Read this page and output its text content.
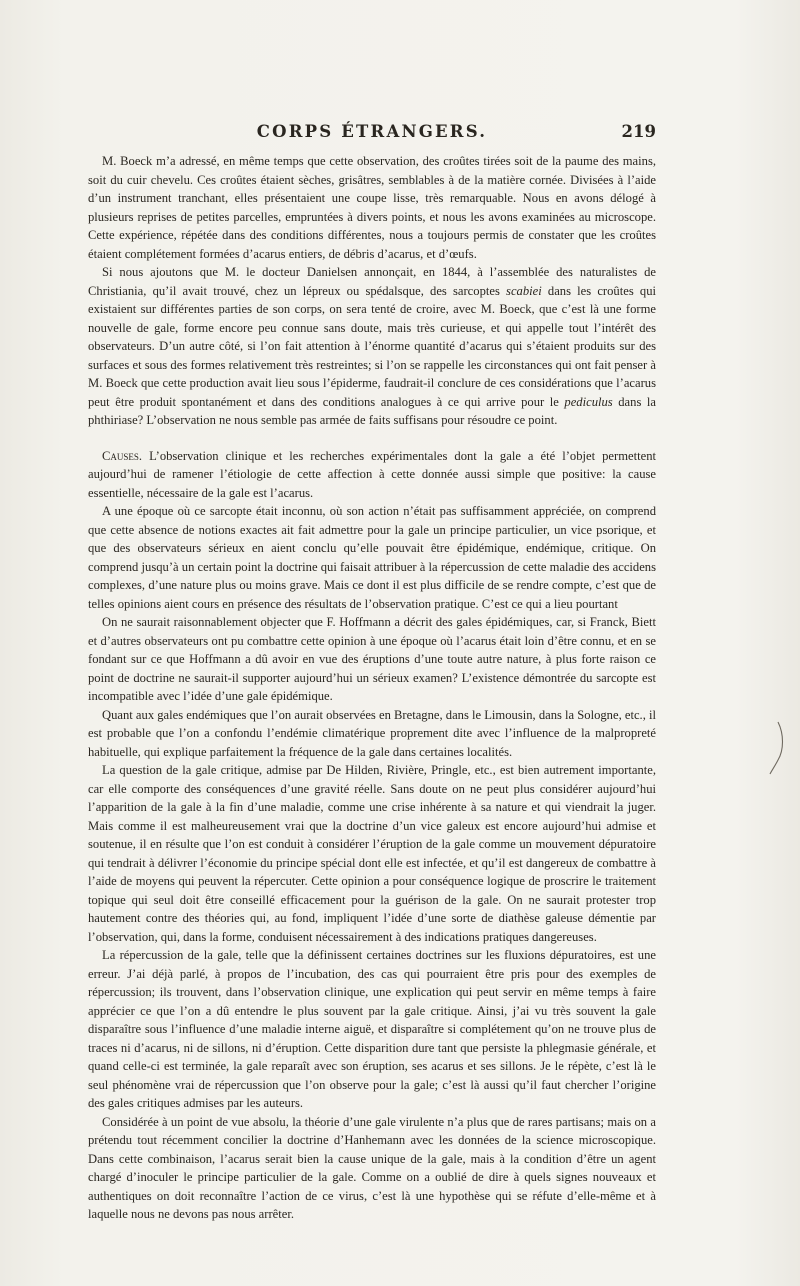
CORPS ÉTRANGERS.	219

M. Boeck m’a adressé, en même temps que cette observation, des croûtes tirées soit de la paume des mains, soit du cuir chevelu. Ces croûtes étaient sèches, grisâtres, semblables à de la matière cornée. Divisées à l’aide d’un instrument tranchant, elles présentaient une coupe lisse, très remarquable. Nous en avons délogé à plusieurs reprises de petites parcelles, empruntées à divers points, et nous les avons examinées au microscope. Cette expérience, répétée dans des conditions différentes, nous a toujours permis de constater que les croûtes étaient complétement formées d’acarus entiers, de débris d’acarus, et d’œufs.

Si nous ajoutons que M. le docteur Danielsen annonçait, en 1844, à l’assemblée des naturalistes de Christiania, qu’il avait trouvé, chez un lépreux ou spédalsque, des sarcoptes scabiei dans les croûtes qui existaient sur différentes parties de son corps, on sera tenté de croire, avec M. Boeck, que c’est là une forme nouvelle de gale, forme encore peu connue sans doute, mais très curieuse, et qui appelle tout l’intérêt des observateurs. D’un autre côté, si l’on fait attention à l’énorme quantité d’acarus qui s’étaient produits sur des surfaces et sous des formes relativement très restreintes; si l’on se rappelle les circonstances qui ont fait penser à M. Boeck que cette production avait lieu sous l’épiderme, faudrait-il conclure de ces considérations que l’acarus peut être produit spontanément et dans des conditions analogues à ce qui arrive pour le pediculus dans la phthiriase? L’observation ne nous semble pas armée de faits suffisans pour résoudre ce point.

Causes. L’observation clinique et les recherches expérimentales dont la gale a été l’objet permettent aujourd’hui de ramener l’étiologie de cette affection à cette donnée aussi simple que positive: la cause essentielle, nécessaire de la gale est l’acarus.

A une époque où ce sarcopte était inconnu, où son action n’était pas suffisamment appréciée, on comprend que cette absence de notions exactes ait fait admettre pour la gale un principe particulier, un vice psorique, et que des observateurs sérieux en aient conclu qu’elle pouvait être épidémique, endémique, critique. On comprend jusqu’à un certain point la doctrine qui faisait attribuer à la répercussion de cette maladie des accidens complexes, d’une nature plus ou moins grave. Mais ce dont il est plus difficile de se rendre compte, c’est que de telles opinions aient cours en présence des résultats de l’observation pratique. C’est ce qui a lieu pourtant

On ne saurait raisonnablement objecter que F. Hoffmann a décrit des gales épidémiques, car, si Franck, Biett et d’autres observateurs ont pu combattre cette opinion à une époque où l’acarus était loin d’être connu, et en se fondant sur ce que Hoffmann a dû avoir en vue des éruptions d’une toute autre nature, à plus forte raison ce point de doctrine ne saurait-il supporter aujourd’hui un sérieux examen? L’existence démontrée du sarcopte est incompatible avec l’idée d’une gale épidémique.

Quant aux gales endémiques que l’on aurait observées en Bretagne, dans le Limousin, dans la Sologne, etc., il est probable que l’on a confondu l’endémie climatérique proprement dite avec l’influence de la malpropreté habituelle, qui explique parfaitement la fréquence de la gale dans certaines localités.

La question de la gale critique, admise par De Hilden, Rivière, Pringle, etc., est bien autrement importante, car elle comporte des conséquences d’une gravité réelle. Sans doute on ne peut plus considérer aujourd’hui l’apparition de la gale à la fin d’une maladie, comme une crise inhérente à sa nature et qui viendrait la juger. Mais comme il est malheureusement vrai que la doctrine d’un vice galeux est encore aujourd’hui admise et soutenue, il en résulte que l’on est conduit à considérer l’éruption de la gale comme un mouvement dépuratoire qui tendrait à délivrer l’économie du principe spécial dont elle est infectée, et qu’il est dangereux de combattre à l’aide de moyens qui peuvent la répercuter. Cette opinion a pour conséquence logique de proscrire le traitement topique qui seul doit être conseillé efficacement pour la guérison de la gale. On ne saurait protester trop hautement contre des théories qui, au fond, impliquent l’idée d’une sorte de diathèse galeuse démentie par l’observation, qui, dans la forme, conduisent nécessairement à des indications pratiques dangereuses.

La répercussion de la gale, telle que la définissent certaines doctrines sur les fluxions dépuratoires, est une erreur. J’ai déjà parlé, à propos de l’incubation, des cas qui pourraient être pris pour des exemples de répercussion; ils trouvent, dans l’observation clinique, une explication qui peut servir en même temps à faire apprécier ce que l’on a dû entendre le plus souvent par la gale critique. Ainsi, j’ai vu très souvent la gale disparaître sous l’influence d’une maladie interne aiguë, et disparaître si complétement qu’on ne trouve plus de traces ni d’acarus, ni de sillons, ni d’éruption. Cette disparition dure tant que persiste la phlegmasie générale, et quand celle-ci est terminée, la gale reparaît avec son éruption, ses acarus et ses sillons. Je le répète, c’est là le seul phénomène vrai de répercussion que l’on observe pour la gale; c’est là aussi qu’il faut chercher l’origine des gales critiques admises par les auteurs.

Considérée à un point de vue absolu, la théorie d’une gale virulente n’a plus que de rares partisans; mais on a prétendu tout récemment concilier la doctrine d’Hanhemann avec les données de la science microscopique. Dans cette combinaison, l’acarus serait bien la cause unique de la gale, mais à la condition d’être un agent chargé d’inoculer le principe particulier de la gale. Comme on a oublié de dire à quels signes nouveaux et authentiques on doit reconnaître l’action de ce virus, c’est là une hypothèse qui se réfute d’elle-même et à laquelle nous ne devons pas nous arrêter.
